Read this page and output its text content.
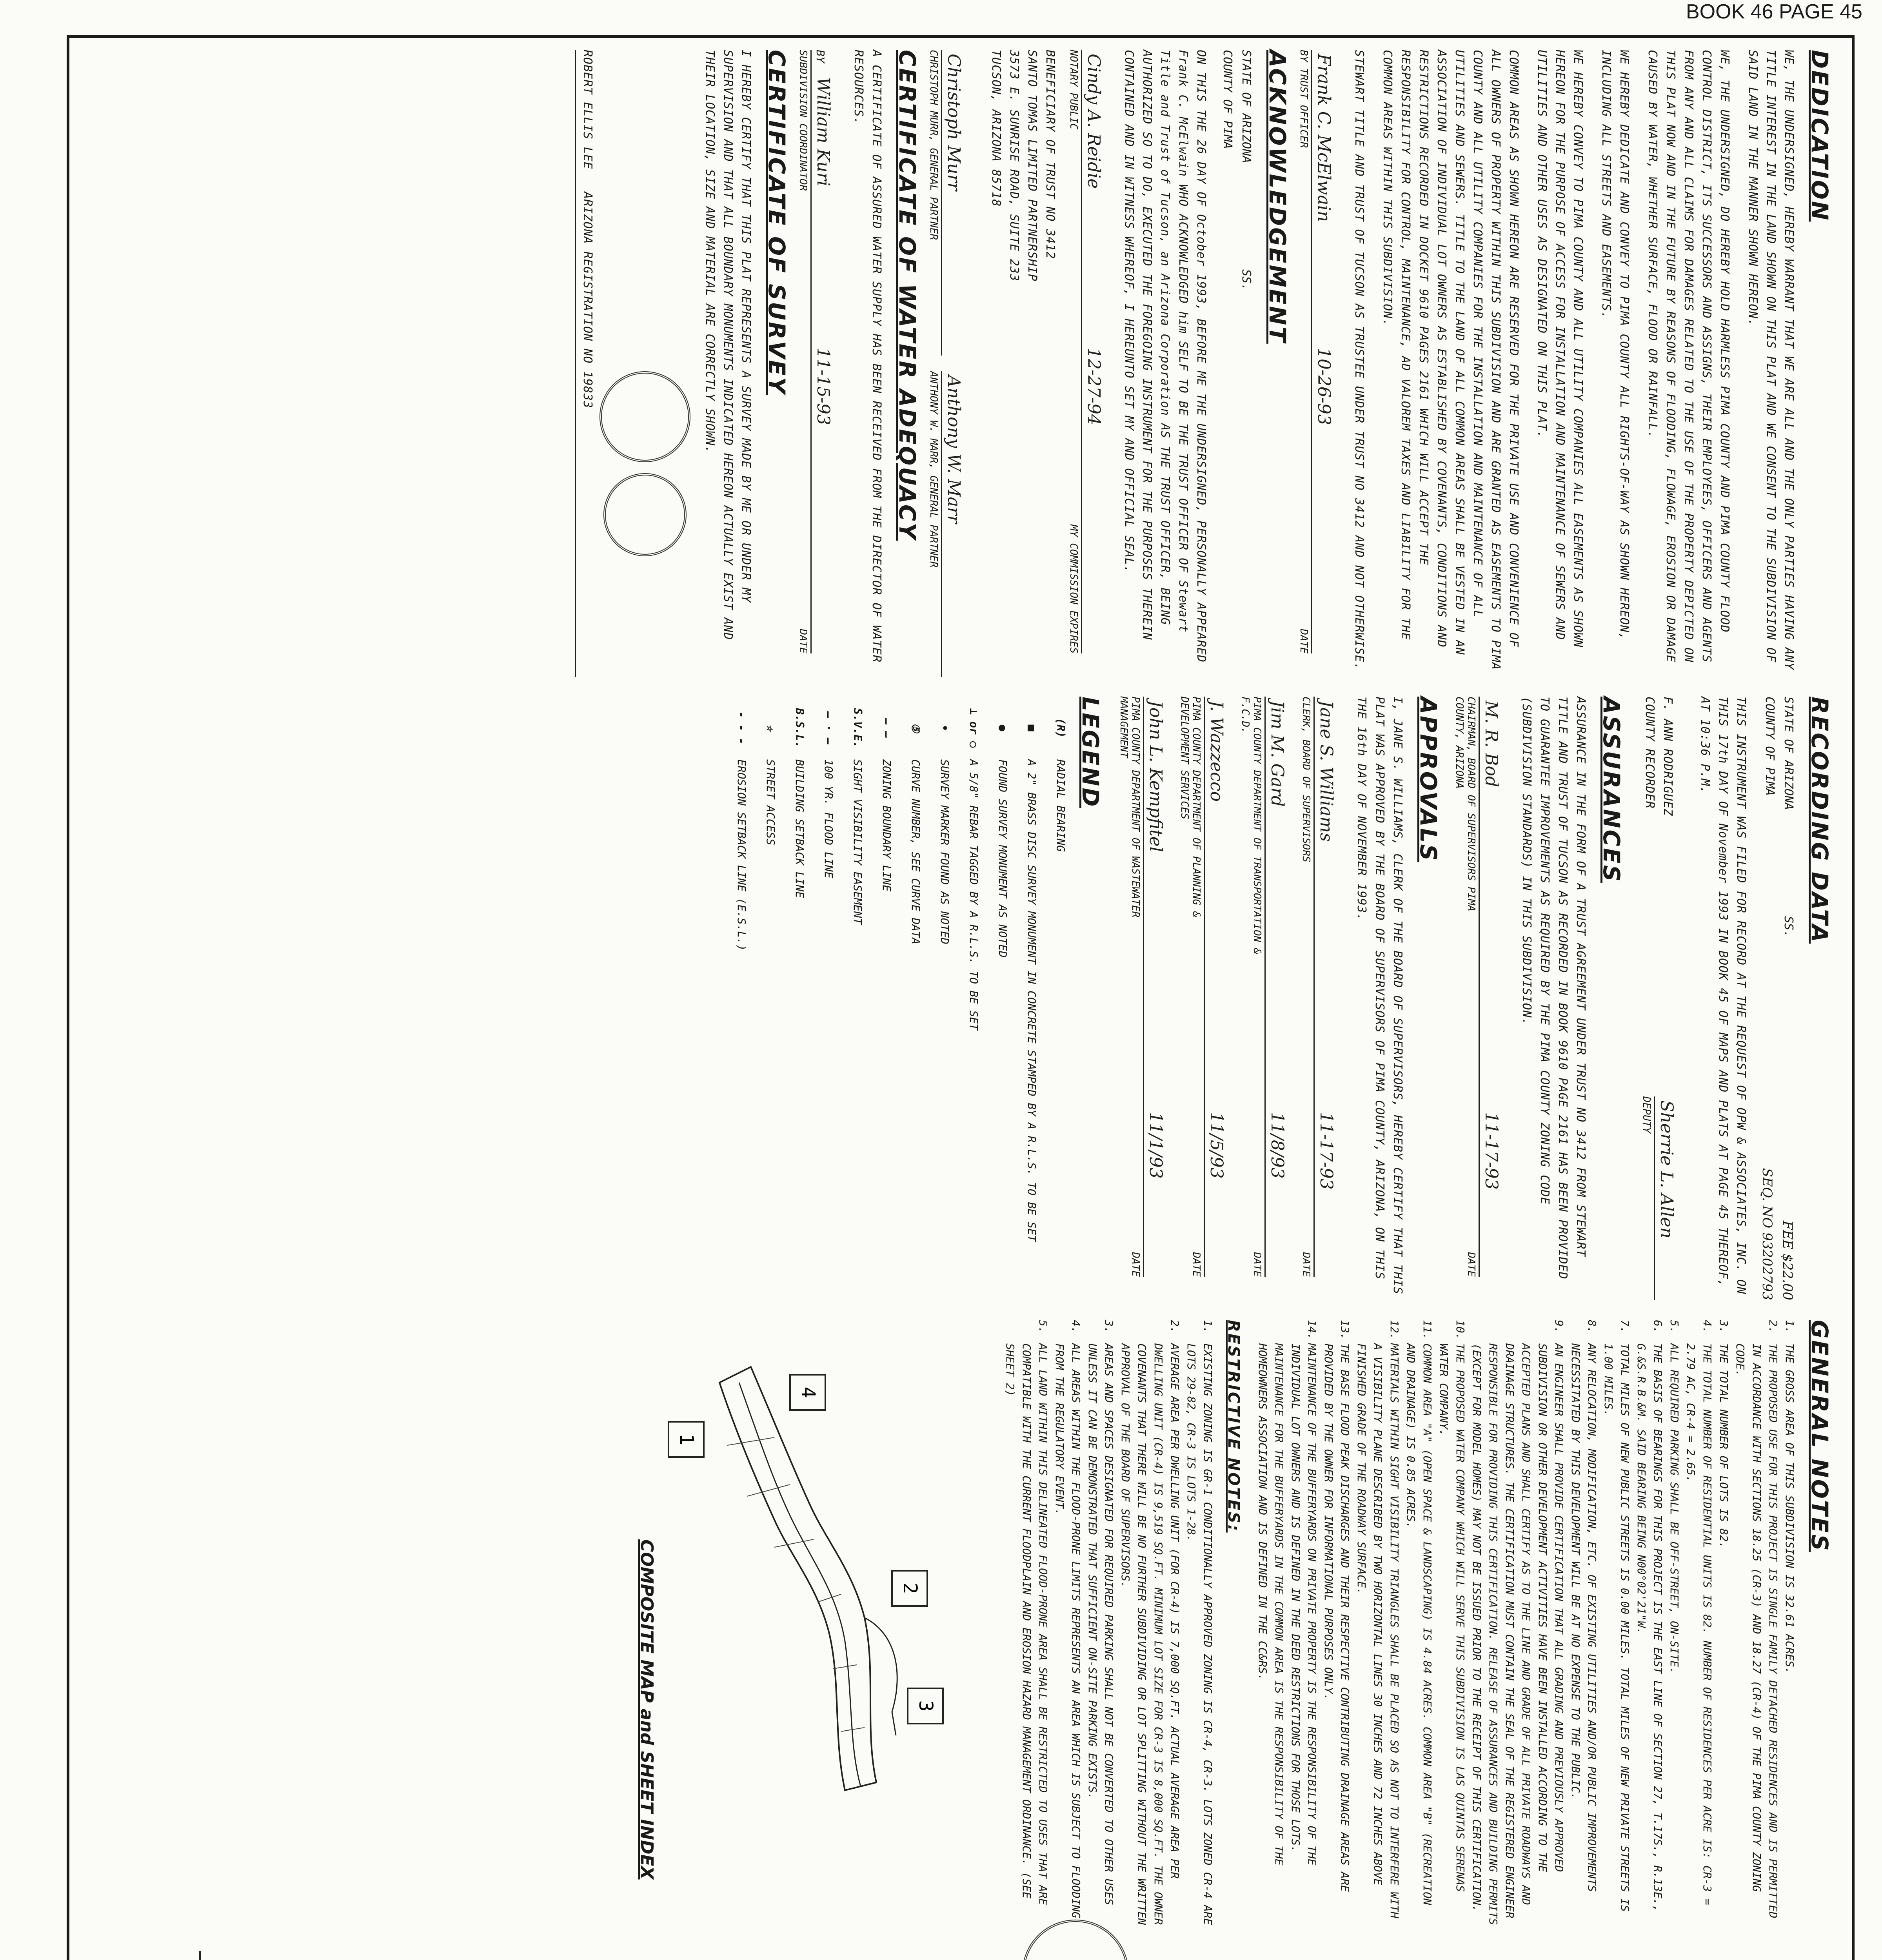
BOOK 46 PAGE 45
DEDICATION
WE, THE UNDERSIGNED, HEREBY WARRANT THAT WE ARE ALL AND THE ONLY PARTIES HAVING ANY TITLE INTEREST IN THE LAND SHOWN ON THIS PLAT AND WE CONSENT TO THE SUBDIVISION OF SAID LAND IN THE MANNER SHOWN HEREON.
WE, THE UNDERSIGNED, DO HEREBY HOLD HARMLESS PIMA COUNTY AND PIMA COUNTY FLOOD CONTROL DISTRICT, ITS SUCCESSORS AND ASSIGNS, THEIR EMPLOYEES, OFFICERS AND AGENTS FROM ANY AND ALL CLAIMS FOR DAMAGES RELATED TO THE USE OF THE PROPERTY DEPICTED ON THIS PLAT NOW AND IN THE FUTURE BY REASONS OF FLOODING, FLOWAGE, EROSION OR DAMAGE CAUSED BY WATER, WHETHER SURFACE, FLOOD OR RAINFALL.
WE HEREBY DEDICATE AND CONVEY TO PIMA COUNTY ALL RIGHTS-OF-WAY AS SHOWN HEREON, INCLUDING ALL STREETS AND EASEMENTS.
WE HEREBY CONVEY TO PIMA COUNTY AND ALL UTILITY COMPANIES ALL EASEMENTS AS SHOWN HEREON FOR THE PURPOSE OF ACCESS FOR INSTALLATION AND MAINTENANCE OF SEWERS AND UTILITIES AND OTHER USES AS DESIGNATED ON THIS PLAT.
COMMON AREAS AS SHOWN HEREON ARE RESERVED FOR THE PRIVATE USE AND CONVENIENCE OF ALL OWNERS OF PROPERTY WITHIN THIS SUBDIVISION AND ARE GRANTED AS EASEMENTS TO PIMA COUNTY AND ALL UTILITY COMPANIES FOR THE INSTALLATION AND MAINTENANCE OF ALL UTILITIES AND SEWERS. TITLE TO THE LAND OF ALL COMMON AREAS SHALL BE VESTED IN AN ASSOCIATION OF INDIVIDUAL LOT OWNERS AS ESTABLISHED BY COVENANTS, CONDITIONS AND RESTRICTIONS RECORDED IN DOCKET 9610 PAGES 2161 WHICH WILL ACCEPT THE RESPONSIBILITY FOR CONTROL, MAINTENANCE, AD VALOREM TAXES AND LIABILITY FOR THE COMMON AREAS WITHIN THIS SUBDIVISION.
STEWART TITLE AND TRUST OF TUCSON AS TRUSTEE UNDER TRUST NO 3412 AND NOT OTHERWISE.
Frank C. McElwain
10-26-93
BY TRUST OFFICER
DATE
ACKNOWLEDGEMENT
STATE OF ARIZONA
SS.
COUNTY OF PIMA
ON THIS THE 26 DAY OF October 1993, BEFORE ME THE UNDERSIGNED, PERSONALLY APPEARED Frank C. McElwain WHO ACKNOWLEDGED him SELF TO BE THE TRUST OFFICER OF Stewart Title and Trust of Tucson, an Arizona Corporation AS THE TRUST OFFICER, BEING AUTHORIZED SO TO DO, EXECUTED THE FOREGOING INSTRUMENT FOR THE PURPOSES THEREIN CONTAINED AND IN WITNESS WHEREOF, I HEREUNTO SET MY AND OFFICIAL SEAL.
Cindy A. Reidie
12-27-94
NOTARY PUBLIC
MY COMMISSION EXPIRES
BENEFICIARY OF TRUST NO 3412
SANTO TOMAS LIMITED PARTNERSHIP
3573 E. SUNRISE ROAD, SUITE 233
TUCSON, ARIZONA 85718
Christoph Murr
CHRISTOPH MURR, GENERAL PARTNER
Anthony W. Marr
ANTHONY W. MARR, GENERAL PARTNER
CERTIFICATE OF WATER ADEQUACY
A CERTIFICATE OF ASSURED WATER SUPPLY HAS BEEN RECEIVED FROM THE DIRECTOR OF WATER RESOURCES.
William Kuri
11-15-93
BY
SUBDIVISION COORDINATOR
DATE
CERTIFICATE OF SURVEY
I HEREBY CERTIFY THAT THIS PLAT REPRESENTS A SURVEY MADE BY ME OR UNDER MY SUPERVISION AND THAT ALL BOUNDARY MONUMENTS INDICATED HEREON ACTUALLY EXIST AND THEIR LOCATION, SIZE AND MATERIAL ARE CORRECTLY SHOWN.
ROBERT ELLIS LEE   ARIZONA REGISTRATION NO 19833
RECORDING DATA
STATE OF ARIZONA
SS.
COUNTY OF PIMA
FEE $22.00
SEQ. NO 93202793
THIS INSTRUMENT WAS FILED FOR RECORD AT THE REQUEST OF OPW & ASSOCIATES, INC. ON THIS 17th DAY OF November 1993 IN BOOK 45 OF MAPS AND PLATS AT PAGE 45 THEREOF, AT 10:36 P.M.
F. ANN RODRIGUEZ
COUNTY RECORDER
Sherrie L. Allen
DEPUTY
ASSURANCES
ASSURANCE IN THE FORM OF A TRUST AGREEMENT UNDER TRUST NO 3412 FROM STEWART TITLE AND TRUST OF TUCSON AS RECORDED IN BOOK 9610 PAGE 2161 HAS BEEN PROVIDED TO GUARANTEE IMPROVEMENTS AS REQUIRED BY THE PIMA COUNTY ZONING CODE (SUBDIVISION STANDARDS) IN THIS SUBDIVISION.
M. R. Bod
11-17-93
CHAIRMAN, BOARD OF SUPERVISORS PIMA COUNTY, ARIZONA
DATE
APPROVALS
I, JANE S. WILLIAMS, CLERK OF THE BOARD OF SUPERVISORS, HEREBY CERTIFY THAT THIS PLAT WAS APPROVED BY THE BOARD OF SUPERVISORS OF PIMA COUNTY, ARIZONA, ON THIS THE 16th DAY OF NOVEMBER 1993.
Jane S. Williams
11-17-93
CLERK, BOARD OF SUPERVISORS
DATE
Jim M. Gard
11/8/93
PIMA COUNTY DEPARTMENT OF TRANSPORTATION & F.C.D.
DATE
J. Wazzecco
11/5/93
PIMA COUNTY DEPARTMENT OF PLANNING & DEVELOPMENT SERVICES
DATE
John L. Kempfitel
11/1/93
PIMA COUNTY DEPARTMENT OF WASTEWATER MANAGEMENT
DATE
LEGEND
(R)
RADIAL BEARING
■
A 2" BRASS DISC SURVEY MONUMENT IN CONCRETE STAMPED BY A R.L.S. TO BE SET
●
FOUND SURVEY MONUMENT AS NOTED
⊥ or ○
A 5/8" REBAR TAGGED BY A R.L.S. TO BE SET
•
SURVEY MARKER FOUND AS NOTED
⑤
CURVE NUMBER, SEE CURVE DATA
— —
ZONING BOUNDARY LINE
S.V.E.
SIGHT VISIBILITY EASEMENT
— · —
100 YR. FLOOD LINE
B.S.L.
BUILDING SETBACK LINE
☆
STREET ACCESS
- - -
EROSION SETBACK LINE (E.S.L.)
GENERAL NOTES
1.
THE GROSS AREA OF THIS SUBDIVISION IS 32.61 ACRES.
2.
THE PROPOSED USE FOR THIS PROJECT IS SINGLE FAMILY DETACHED RESIDENCES AND IS PERMITTED IN ACCORDANCE WITH SECTIONS 18.25 (CR-3) AND 18.27 (CR-4) OF THE PIMA COUNTY ZONING CODE.
3.
THE TOTAL NUMBER OF LOTS IS 82.
4.
THE TOTAL NUMBER OF RESIDENTIAL UNITS IS 82. NUMBER OF RESIDENCES PER ACRE IS: CR-3 = 2.79 AC, CR-4 = 2.65.
5.
ALL REQUIRED PARKING SHALL BE OFF-STREET, ON-SITE.
6.
THE BASIS OF BEARINGS FOR THIS PROJECT IS THE EAST LINE OF SECTION 27, T.17S., R.13E., G.&S.R.B.&M. SAID BEARING BEING N00°02'21"W.
7.
TOTAL MILES OF NEW PUBLIC STREETS IS 0.00 MILES. TOTAL MILES OF NEW PRIVATE STREETS IS 1.00 MILES.
8.
ANY RELOCATION, MODIFICATION, ETC. OF EXISTING UTILITIES AND/OR PUBLIC IMPROVEMENTS NECESSITATED BY THIS DEVELOPMENT WILL BE AT NO EXPENSE TO THE PUBLIC.
9.
AN ENGINEER SHALL PROVIDE CERTIFICATION THAT ALL GRADING AND PREVIOUSLY APPROVED SUBDIVISION OR OTHER DEVELOPMENT ACTIVITIES HAVE BEEN INSTALLED ACCORDING TO THE ACCEPTED PLANS AND SHALL CERTIFY AS TO THE LINE AND GRADE OF ALL PRIVATE ROADWAYS AND DRAINAGE STRUCTURES. THE CERTIFICATION MUST CONTAIN THE SEAL OF THE REGISTERED ENGINEER RESPONSIBLE FOR PROVIDING THIS CERTIFICATION. RELEASE OF ASSURANCES AND BUILDING PERMITS (EXCEPT FOR MODEL HOMES) MAY NOT BE ISSUED PRIOR TO THE RECEIPT OF THIS CERTIFICATION.
10.
THE PROPOSED WATER COMPANY WHICH WILL SERVE THIS SUBDIVISION IS LAS QUINTAS SERENAS WATER COMPANY.
11.
COMMON AREA "A" (OPEN SPACE & LANDSCAPING) IS 4.84 ACRES. COMMON AREA "B" (RECREATION AND DRAINAGE) IS 0.85 ACRES.
12.
MATERIALS WITHIN SIGHT VISIBILITY TRIANGLES SHALL BE PLACED SO AS NOT TO INTERFERE WITH A VISIBILITY PLANE DESCRIBED BY TWO HORIZONTAL LINES 30 INCHES AND 72 INCHES ABOVE FINISHED GRADE OF THE ROADWAY SURFACE.
13.
THE BASE FLOOD PEAK DISCHARGES AND THEIR RESPECTIVE CONTRIBUTING DRAINAGE AREAS ARE PROVIDED BY THE OWNER FOR INFORMATIONAL PURPOSES ONLY.
14.
MAINTENANCE OF THE BUFFERYARDS ON PRIVATE PROPERTY IS THE RESPONSIBILITY OF THE INDIVIDUAL LOT OWNERS AND IS DEFINED IN THE DEED RESTRICTIONS FOR THOSE LOTS. MAINTENANCE FOR THE BUFFERYARDS IN THE COMMON AREA IS THE RESPONSIBILITY OF THE HOMEOWNERS ASSOCIATION AND IS DEFINED IN THE CC&RS.
RESTRICTIVE NOTES:
1.
EXISTING ZONING IS GR-1 CONDITIONALLY APPROVED ZONING IS CR-4, CR-3. LOTS ZONED CR-4 ARE LOTS 29-82, CR-3 IS LOTS 1-28.
2.
AVERAGE AREA PER DWELLING UNIT (FOR CR-4) IS 7,000 SQ.FT. ACTUAL AVERAGE AREA PER DWELLING UNIT (CR-4) IS 9,519 SQ.FT. MINIMUM LOT SIZE FOR CR-3 IS 8,000 SQ.FT. THE OWNER COVENANTS THAT THERE WILL BE NO FURTHER SUBDIVIDING OR LOT SPLITTING WITHOUT THE WRITTEN APPROVAL OF THE BOARD OF SUPERVISORS.
3.
AREAS AND SPACES DESIGNATED FOR REQUIRED PARKING SHALL NOT BE CONVERTED TO OTHER USES UNLESS IT CAN BE DEMONSTRATED THAT SUFFICIENT ON-SITE PARKING EXISTS.
4.
ALL AREAS WITHIN THE FLOOD-PRONE LIMITS REPRESENTS AN AREA WHICH IS SUBJECT TO FLOODING FROM THE REGULATORY EVENT.
5.
ALL LAND WITHIN THIS DELINEATED FLOOD-PRONE AREA SHALL BE RESTRICTED TO USES THAT ARE COMPATIBLE WITH THE CURRENT FLOODPLAIN AND EROSION HAZARD MANAGEMENT ORDINANCE. (SEE SHEET 2)
1
2
3
4
COMPOSITE MAP and SHEET INDEX
